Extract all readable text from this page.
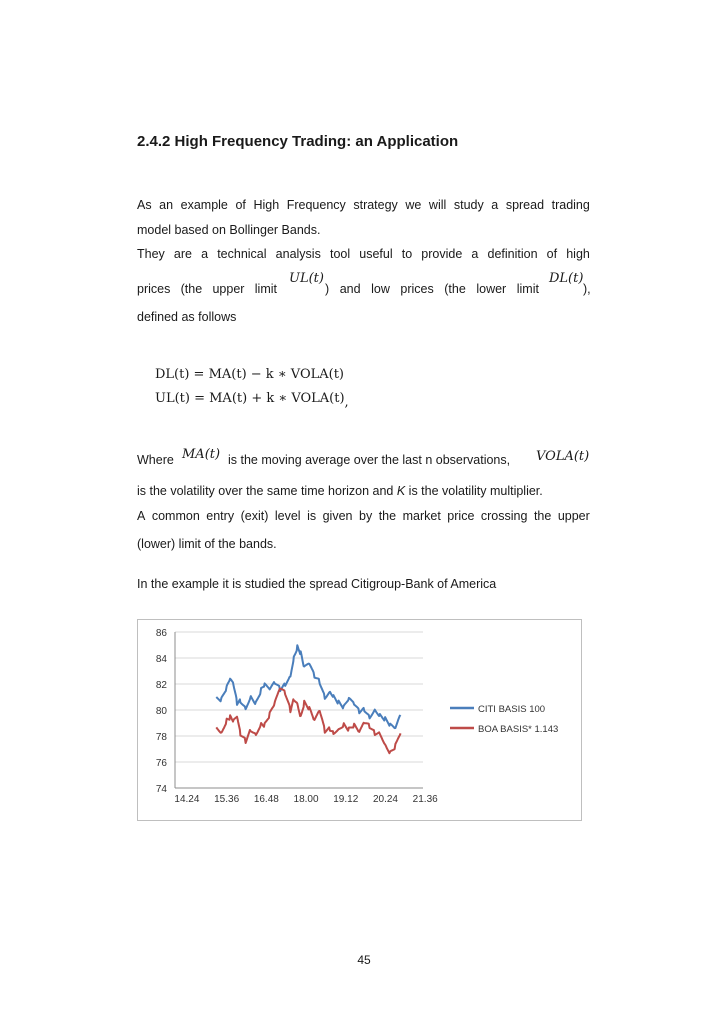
2.4.2 High Frequency Trading: an Application
As an example of High Frequency strategy we will study a spread trading
model based on Bollinger Bands.
They are a technical analysis tool useful to provide a definition of high
prices (the upper limit
UL(t)
) and low prices (the lower limit
DL(t)
),
defined as follows
DL(t) = MA(t) − k ∗ VOLA(t)
UL(t) = MA(t) + k ∗ VOLA(t),
Where MA(t) is the moving average over the last n observations, VOLA(t)
is the volatility over the same time horizon and K is the volatility multiplier.
A common entry (exit) level is given by the market price crossing the upper
(lower) limit of the bands.
In the example it is studied the spread Citigroup-Bank of America
74
76
78
80
82
84
86
14.24 15.36 16.48 18.00 19.12 20.24 21.36
CITI BASIS 100
BOA BASIS* 1.143
45
